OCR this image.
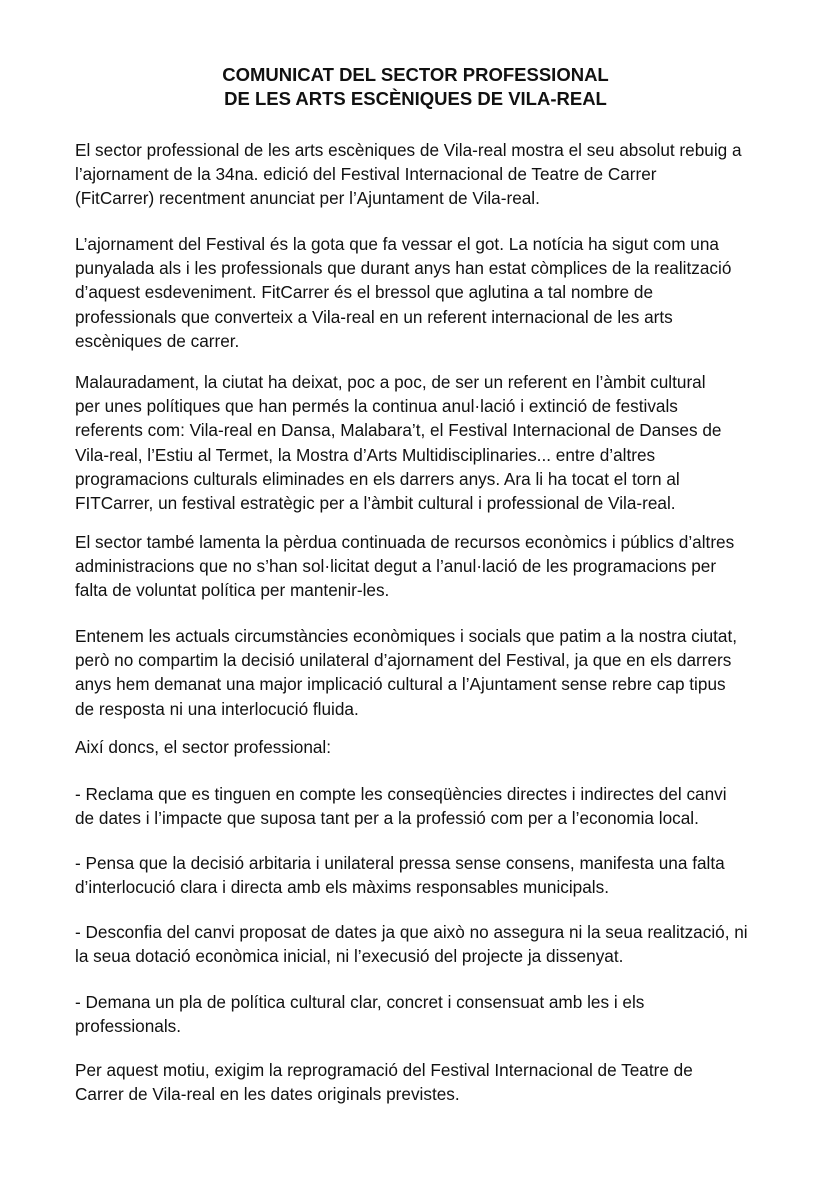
COMUNICAT DEL SECTOR PROFESSIONAL
DE LES ARTS ESCÈNIQUES DE VILA-REAL

El sector professional de les arts escèniques de Vila-real mostra el seu absolut rebuig a
l’ajornament de la 34na. edició del Festival Internacional de Teatre de Carrer
(FitCarrer) recentment anunciat per l’Ajuntament de Vila-real.

L’ajornament del Festival és la gota que fa vessar el got. La notícia ha sigut com una
punyalada als i les professionals que durant anys han estat còmplices de la realització
d’aquest esdeveniment. FitCarrer és el bressol que aglutina a tal nombre de
professionals que converteix a Vila-real en un referent internacional de les arts
escèniques de carrer.

Malauradament, la ciutat ha deixat, poc a poc, de ser un referent en l’àmbit cultural
per unes polítiques que han permés la continua anul·lació i extinció de festivals
referents com: Vila-real en Dansa, Malabara’t, el Festival Internacional de Danses de
Vila-real, l’Estiu al Termet, la Mostra d’Arts Multidisciplinaries... entre d’altres
programacions culturals eliminades en els darrers anys. Ara li ha tocat el torn al
FITCarrer, un festival estratègic per a l’àmbit cultural i professional de Vila-real.

El sector també lamenta la pèrdua continuada de recursos econòmics i públics d’altres
administracions que no s’han sol·licitat degut a l’anul·lació de les programacions per
falta de voluntat política per mantenir-les.

Entenem les actuals circumstàncies econòmiques i socials que patim a la nostra ciutat,
però no compartim la decisió unilateral d’ajornament del Festival, ja que en els darrers
anys hem demanat una major implicació cultural a l’Ajuntament sense rebre cap tipus
de resposta ni una interlocució fluida.

Així doncs, el sector professional:

- Reclama que es tinguen en compte les conseqüències directes i indirectes del canvi
de dates i l’impacte que suposa tant per a la professió com per a l’economia local.

- Pensa que la decisió arbitaria i unilateral pressa sense consens, manifesta una falta
d’interlocució clara i directa amb els màxims responsables municipals.

- Desconfia del canvi proposat de dates ja que això no assegura ni la seua realització, ni
la seua dotació econòmica inicial, ni l’execusió del projecte ja dissenyat.

- Demana un pla de política cultural clar, concret i consensuat amb les i els
professionals.

Per aquest motiu, exigim la reprogramació del Festival Internacional de Teatre de
Carrer de Vila-real en les dates originals previstes.
